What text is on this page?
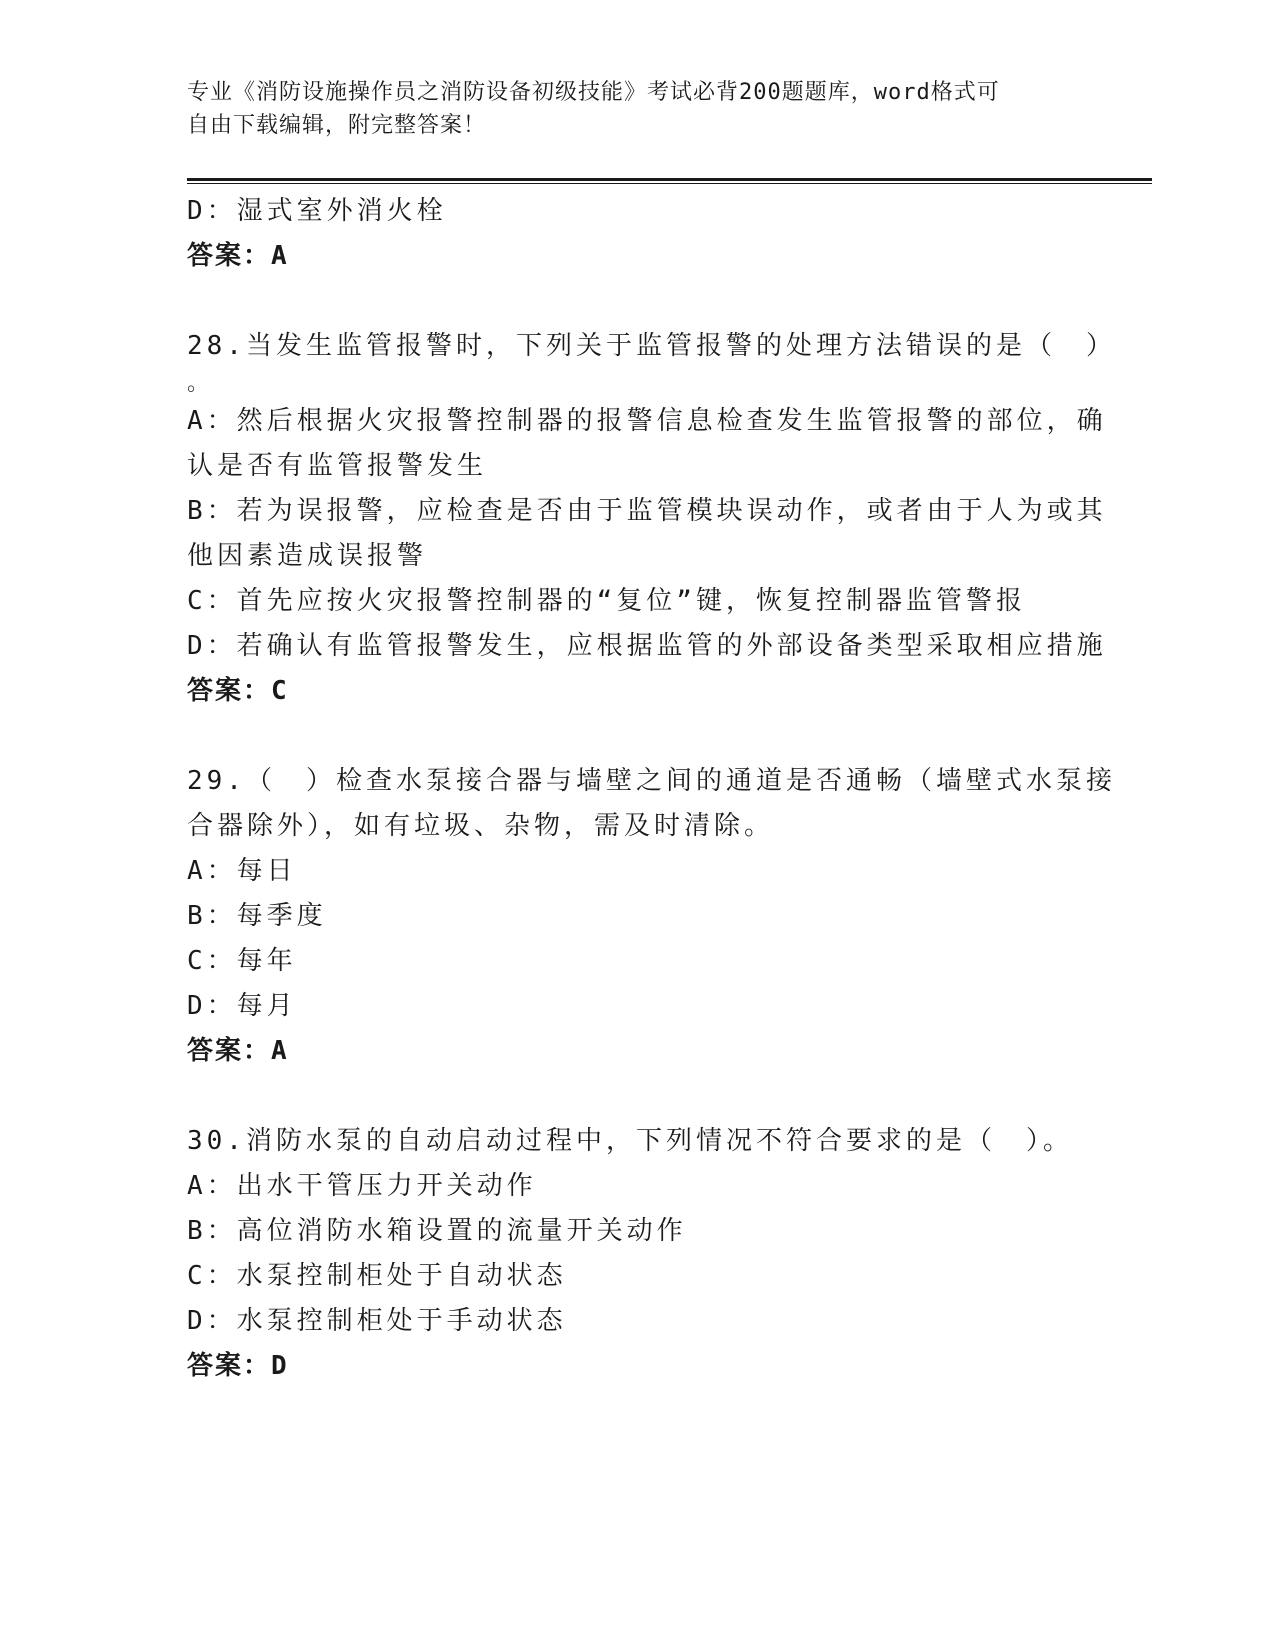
专业《消防设施操作员之消防设备初级技能》考试必背200题题库，word格式可
自由下载编辑，附完整答案！
D：湿式室外消火栓
答案：A
28.当发生监管报警时，下列关于监管报警的处理方法错误的是（　）
。
A：然后根据火灾报警控制器的报警信息检查发生监管报警的部位，确
认是否有监管报警发生
B：若为误报警，应检查是否由于监管模块误动作，或者由于人为或其
他因素造成误报警
C：首先应按火灾报警控制器的“复位”键，恢复控制器监管警报
D：若确认有监管报警发生，应根据监管的外部设备类型采取相应措施
答案：C
29.（　）检查水泵接合器与墙壁之间的通道是否通畅（墙壁式水泵接
合器除外），如有垃圾、杂物，需及时清除。
A：每日
B：每季度
C：每年
D：每月
答案：A
30.消防水泵的自动启动过程中，下列情况不符合要求的是（　）。
A：出水干管压力开关动作
B：高位消防水箱设置的流量开关动作
C：水泵控制柜处于自动状态
D：水泵控制柜处于手动状态
答案：D
